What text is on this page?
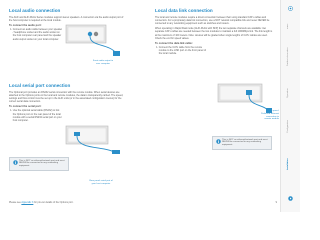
Local audio connection
The ALIF and ALIF-DUAL Series modules support stereo speakers. A connection via the audio output port of the host computer is required at the local module.
To connect the audio port:
1. Connect an audio cable between your speaker / headphone socket and the audio socket on the host computer rear panel and the speaker audio output socket on your local computer.
Front audio output to user computer
Local serial port connection
The Optional port provides an RS232 serial connection with the remote module. When serial devices are attached to the Options ports on the local and remote modules, the data is transparently carried. The speed, settings and flow control must be set up in the ALIF units (or in the associated configuration menus) for the correct serial data connection.
To connect the serial port:
1. Use the optional serial cable (RS232) to link the Options port on the rear panel of the local module with a serial RS232 serial port on your host computer.
This is NOT an ethernet/network port and must NEVER be connected to any networking equipment.
Rear panel serial port of your host computer
Local data link connection
The local and remote modules require a direct connection between their using standard CATx cables and connectors. For a proprietary data link connection, use a NOT network compatible link and never NEVER be connected to any networking equipment such as switches and routers.
When operating in Rapid Dual mode (ALIF-DUAL with SFP) the two separate channels are available: two separate CATx cables are needed between the two modules to maintain a full 1000Mbps link. The link length is at the maximum of 100 meters. Note: devices will be graded when single lengths of CATx cables are used. Check the end for speed values.
To connect the data link cable:
1. Connect the CATx cable from the remote module to the LINK port on the front panel of the local module.
Rear panel: Preferred Ethernet connection to remote module
This is NOT an ethernet/network port and must NEVER be connected to any networking equipment.
Index
Further information
Operation
Configuration
Installation
Please see Appendix 3 for pin-out details of the Options port.	9
